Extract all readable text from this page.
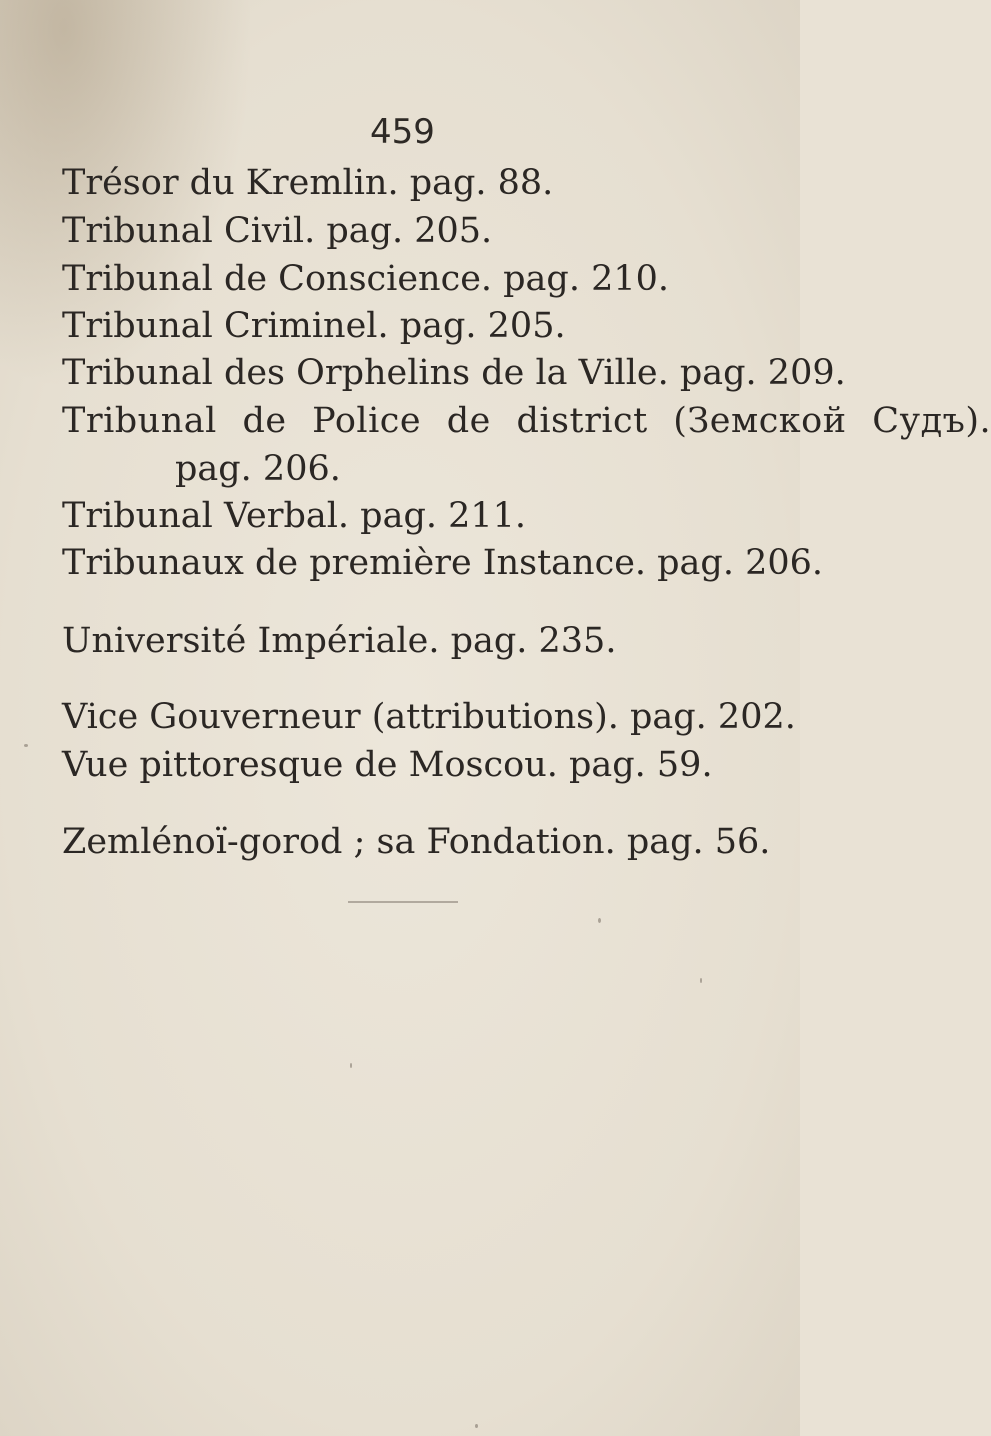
459
Trésor du Kremlin. pag. 88.
Tribunal Civil. pag. 205.
Tribunal de Conscience. pag. 210.
Tribunal Criminel. pag. 205.
Tribunal des Orphelins de la Ville. pag. 209.
Tribunal de Police de district (Земской Судъ).
pag. 206.
Tribunal Verbal. pag. 211.
Tribunaux de première Instance. pag. 206.
Université Impériale. pag. 235.
Vice Gouverneur (attributions). pag. 202.
Vue pittoresque de Moscou. pag. 59.
Zemlénoï-gorod ; sa Fondation. pag. 56.
